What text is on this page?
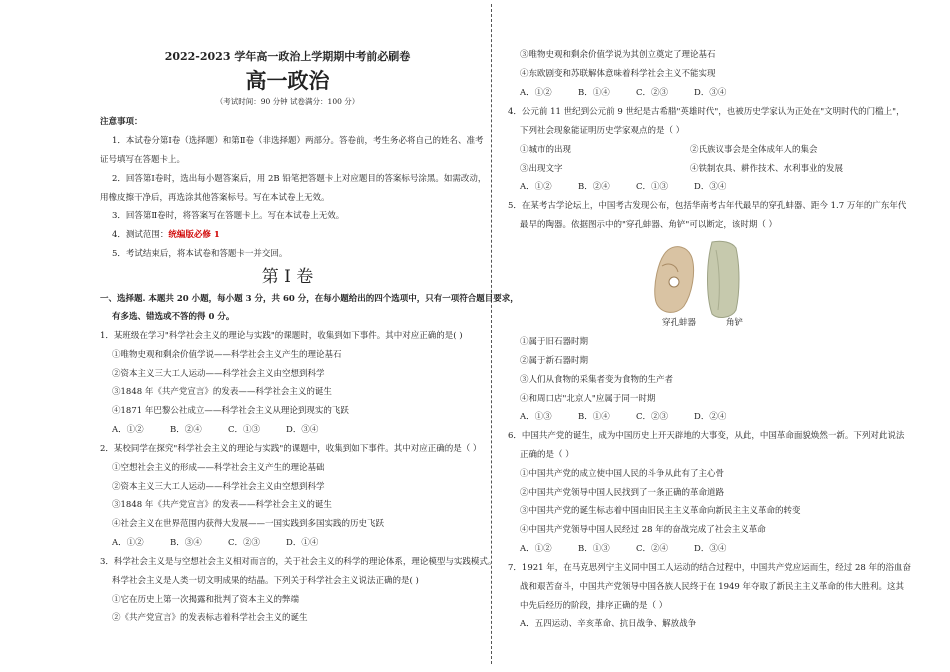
2022-2023 学年高一政治上学期期中考前必刷卷
高一政治
（考试时间：90 分钟 试卷满分：100 分）
注意事项：
1．本试卷分第Ⅰ卷（选择题）和第Ⅱ卷（非选择题）两部分。答卷前，考生务必将自己的姓名、准考
证号填写在答题卡上。
2．回答第Ⅰ卷时，选出每小题答案后，用 2B 铅笔把答题卡上对应题目的答案标号涂黑。如需改动，
用橡皮擦干净后，再选涂其他答案标号。写在本试卷上无效。
3．回答第Ⅱ卷时，将答案写在答题卡上。写在本试卷上无效。
4．测试范围：统编版必修 1
5．考试结束后，将本试卷和答题卡一并交回。
第 I 卷
一、选择题. 本题共 20 小题，每小题 3 分，共 60 分，在每小题给出的四个选项中，只有一项符合题目要求，
有多选、错选或不答的得 0 分。
1．某班级在学习"科学社会主义的理论与实践"的课题时，收集到如下事件。其中对应正确的是( )
①唯物史观和剩余价值学说——科学社会主义产生的理论基石
②资本主义三大工人运动——科学社会主义由空想到科学
③1848 年《共产党宣言》的发表——科学社会主义的诞生
④1871 年巴黎公社成立——科学社会主义从理论到现实的飞跃
A．①②	B．②④	C．①③	D．③④
2．某校同学在探究"科学社会主义的理论与实践"的课题中，收集到如下事件。其中对应正确的是（ ）
①空想社会主义的形成——科学社会主义产生的理论基础
②资本主义三大工人运动——科学社会主义由空想到科学
③1848 年《共产党宣言》的发表——科学社会主义的诞生
④社会主义在世界范围内获得大发展——一国实践到多国实践的历史飞跃
A．①②	B．③④	C．②③	D．①④
3．科学社会主义是与空想社会主义相对而言的，关于社会主义的科学的理论体系，理论模型与实践模式。
科学社会主义是人类一切文明成果的结晶。下列关于科学社会主义说法正确的是( )
①它在历史上第一次揭露和批判了资本主义的弊端
②《共产党宣言》的发表标志着科学社会主义的诞生
③唯物史观和剩余价值学说为其创立奠定了理论基石
④东欧剧变和苏联解体意味着科学社会主义不能实现
A．①②	B．①④	C．②③	D．③④
4．公元前 11 世纪到公元前 9 世纪是古希腊"英雄时代"，也被历史学家认为正处在"文明时代的门槛上"，
下列社会现象能证明历史学家观点的是（ ）
①城市的出现	②氏族议事会是全体成年人的集会
③出现文字	④铁制农具、耕作技术、水利事业的发展
A．①②	B．②④	C．①③	D．③④
5．在某考古学论坛上，中国考古发现公布，包括华南考古年代最早的穿孔蚌器、距今 1.7 万年的广东年代
最早的陶器。依据图示中的"穿孔蚌器、角铲"可以断定，该时期（ ）
穿孔蚌器	角铲
①属于旧石器时期
②属于新石器时期
③人们从食物的采集者变为食物的生产者
④和周口店"北京人"应属于同一时期
A．①③	B．①④	C．②③	D．②④
6．中国共产党的诞生，成为中国历史上开天辟地的大事变，从此，中国革命面貌焕然一新。下列对此说法
正确的是（ ）
①中国共产党的成立使中国人民的斗争从此有了主心骨
②中国共产党领导中国人民找到了一条正确的革命道路
③中国共产党的诞生标志着中国由旧民主主义革命向新民主主义革命的转变
④中国共产党领导中国人民经过 28 年的奋战完成了社会主义革命
A．①②	B．①③	C．②④	D．③④
7．1921 年，在马克思列宁主义同中国工人运动的结合过程中，中国共产党应运而生，经过 28 年的浴血奋
战和艰苦奋斗，中国共产党领导中国各族人民终于在 1949 年夺取了新民主主义革命的伟大胜利。这其
中先后经历的阶段，排序正确的是（ ）
A．五四运动、辛亥革命、抗日战争、解放战争
